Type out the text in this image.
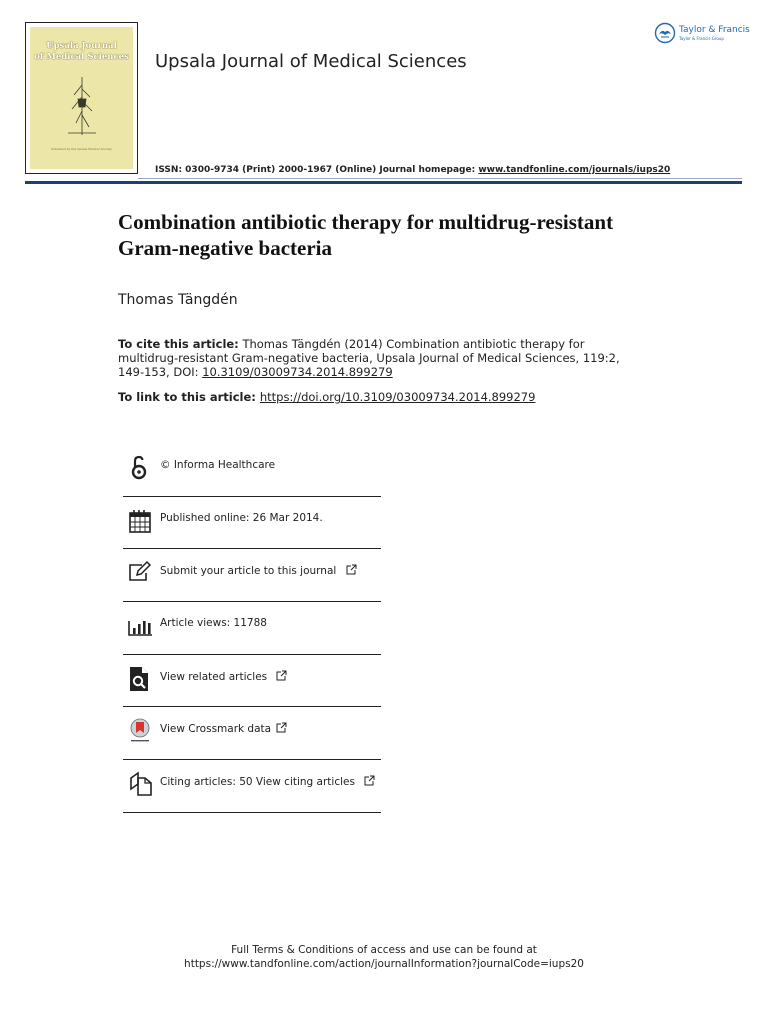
Upsala Journal
of Medical Sciences
Published by the Upsala Medical Society
Upsala Journal of Medical Sciences
Taylor & Francis
Taylor & Francis Group
ISSN: 0300-9734 (Print) 2000-1967 (Online) Journal homepage: www.tandfonline.com/journals/iups20
Combination antibiotic therapy for multidrug-resistant Gram-negative bacteria
Thomas Tängdén
To cite this article: Thomas Tängdén (2014) Combination antibiotic therapy for multidrug-resistant Gram-negative bacteria, Upsala Journal of Medical Sciences, 119:2, 149-153, DOI: 10.3109/03009734.2014.899279
To link to this article: https://doi.org/10.3109/03009734.2014.899279
© Informa Healthcare
Published online: 26 Mar 2014.
Submit your article to this journal
Article views: 11788
View related articles
View Crossmark data
Citing articles: 50 View citing articles
Full Terms & Conditions of access and use can be found at
https://www.tandfonline.com/action/journalInformation?journalCode=iups20
